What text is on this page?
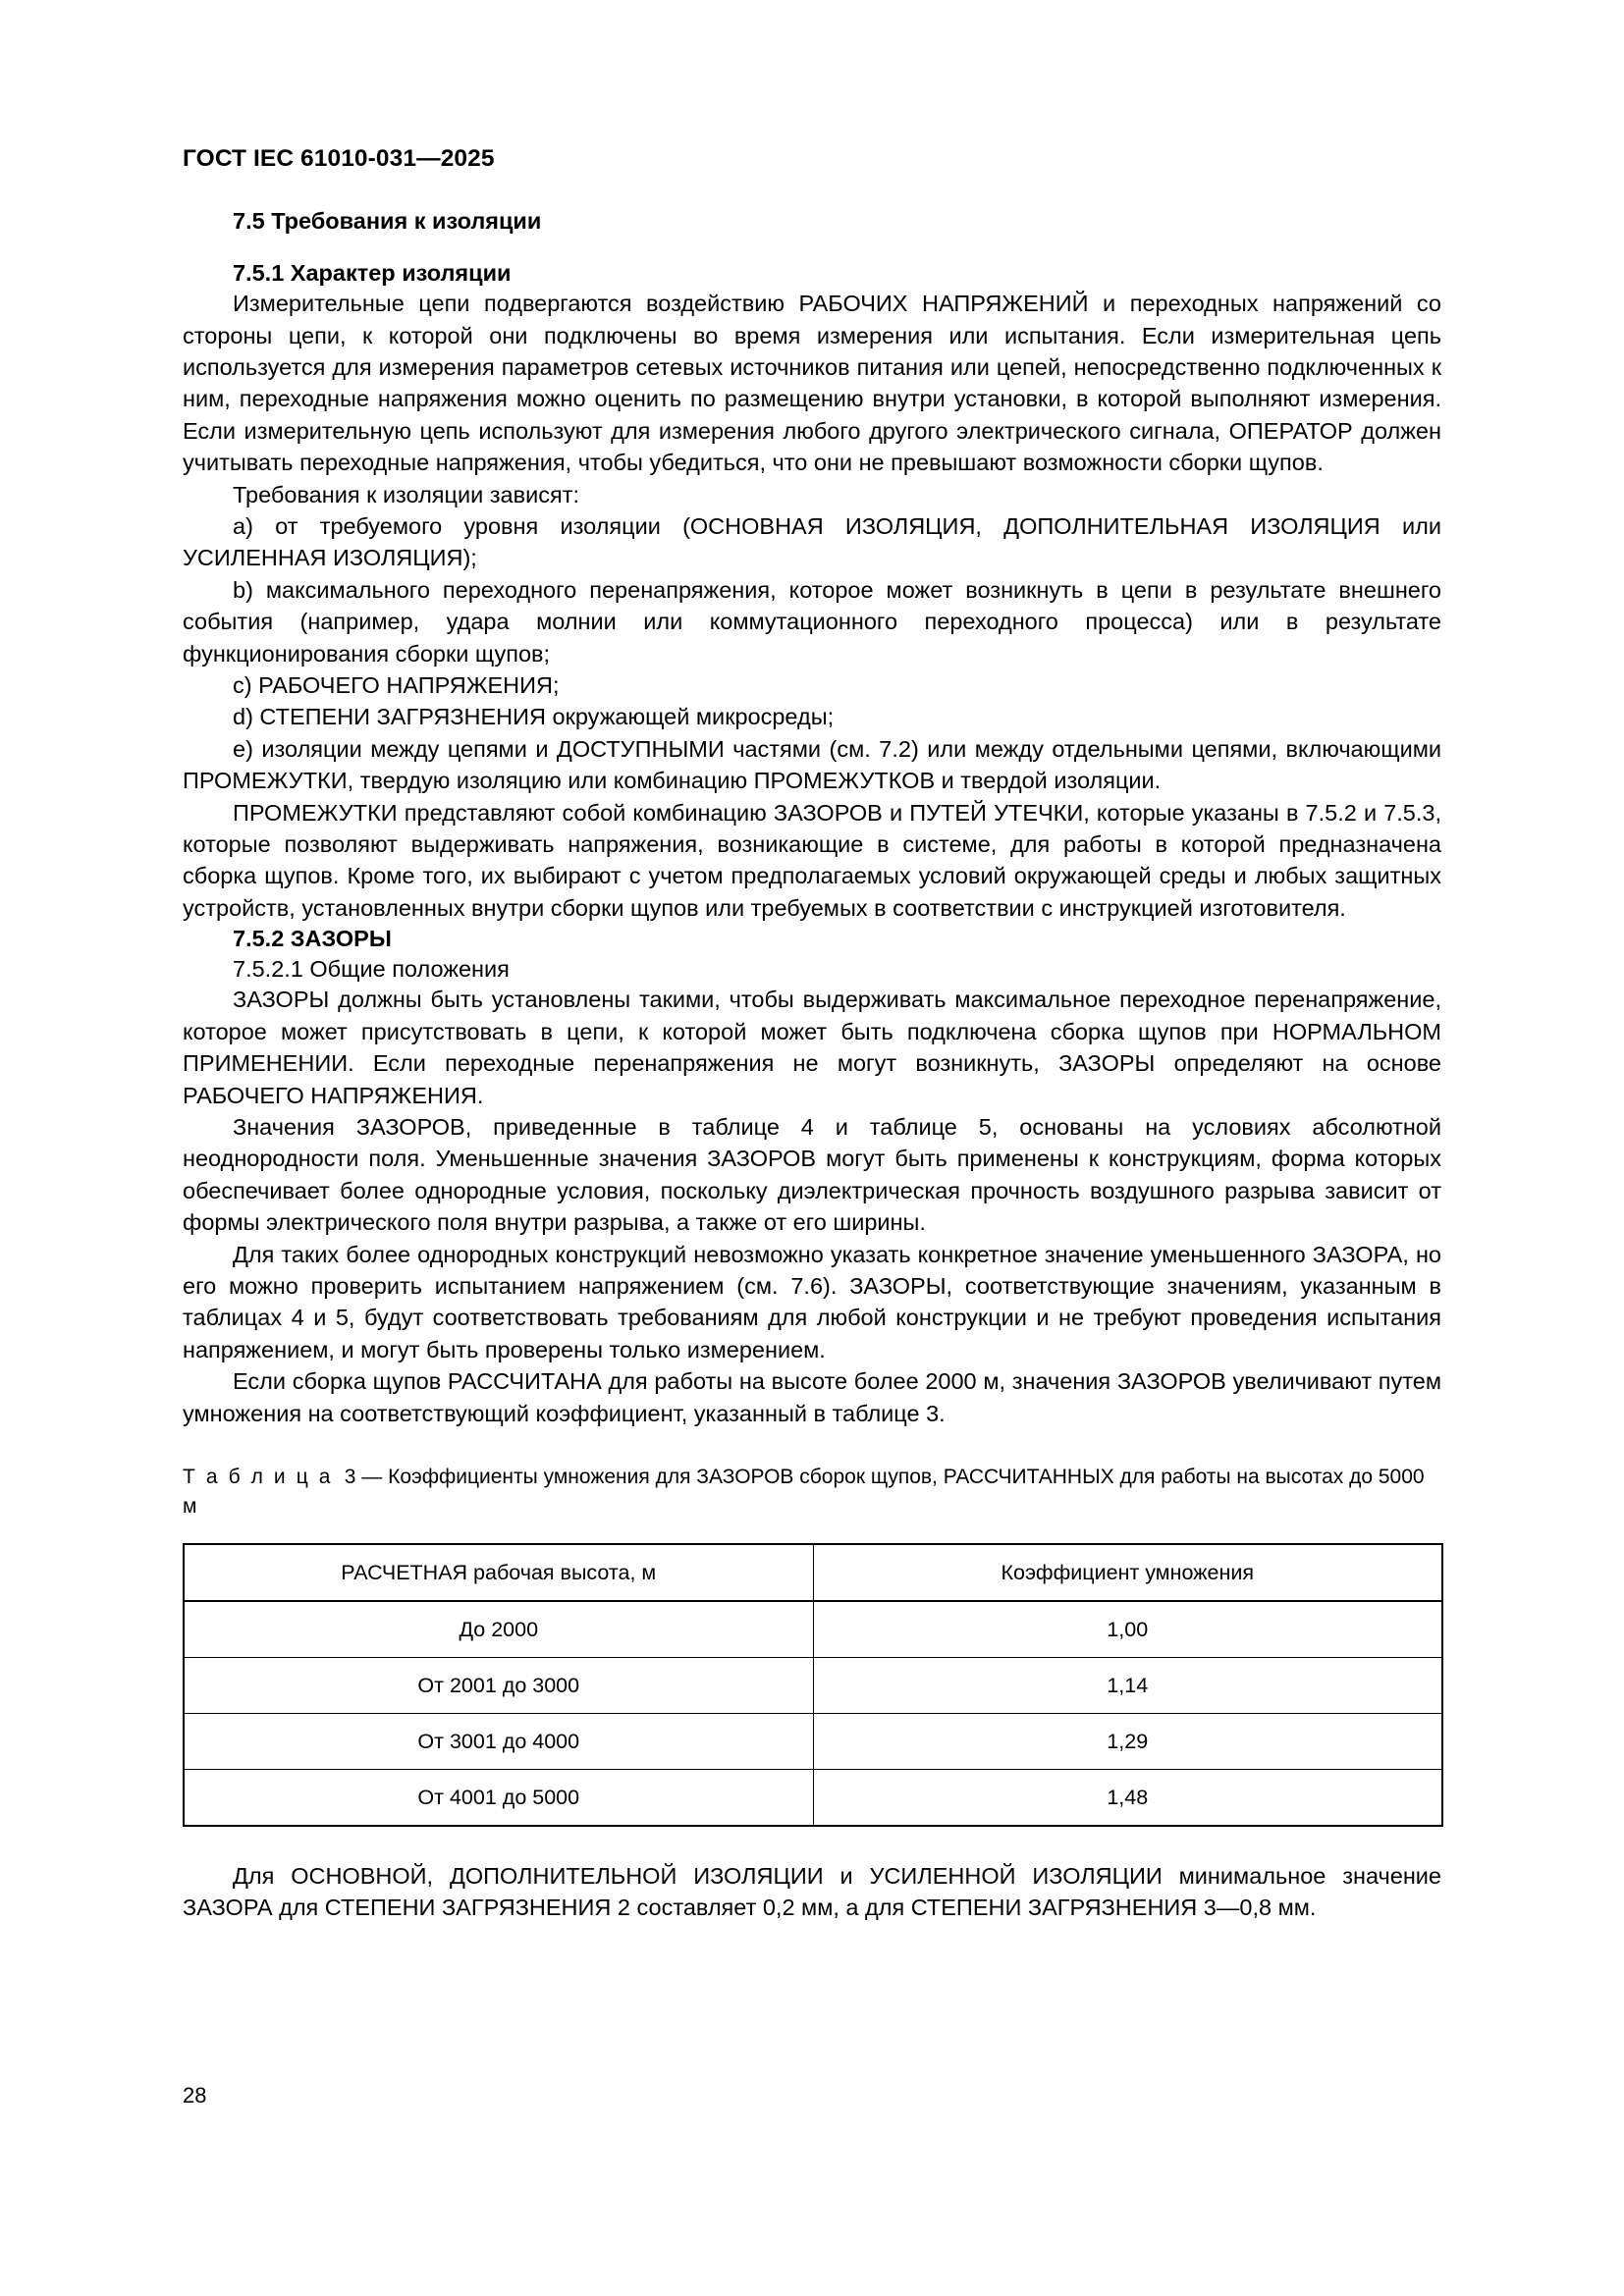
ГОСТ IEC 61010-031—2025
7.5 Требования к изоляции
7.5.1 Характер изоляции

Измерительные цепи подвергаются воздействию РАБОЧИХ НАПРЯЖЕНИЙ и переходных напряжений со стороны цепи, к которой они подключены во время измерения или испытания. Если измерительная цепь используется для измерения параметров сетевых источников питания или цепей, непосредственно подключенных к ним, переходные напряжения можно оценить по размещению внутри установки, в которой выполняют измерения. Если измерительную цепь используют для измерения любого другого электрического сигнала, ОПЕРАТОР должен учитывать переходные напряжения, чтобы убедиться, что они не превышают возможности сборки щупов.

Требования к изоляции зависят:

a) от требуемого уровня изоляции (ОСНОВНАЯ ИЗОЛЯЦИЯ, ДОПОЛНИТЕЛЬНАЯ ИЗОЛЯЦИЯ или УСИЛЕННАЯ ИЗОЛЯЦИЯ);

b) максимального переходного перенапряжения, которое может возникнуть в цепи в результате внешнего события (например, удара молнии или коммутационного переходного процесса) или в результате функционирования сборки щупов;

c) РАБОЧЕГО НАПРЯЖЕНИЯ;

d) СТЕПЕНИ ЗАГРЯЗНЕНИЯ окружающей микросреды;

e) изоляции между цепями и ДОСТУПНЫМИ частями (см. 7.2) или между отдельными цепями, включающими ПРОМЕЖУТКИ, твердую изоляцию или комбинацию ПРОМЕЖУТКОВ и твердой изоляции.

ПРОМЕЖУТКИ представляют собой комбинацию ЗАЗОРОВ и ПУТЕЙ УТЕЧКИ, которые указаны в 7.5.2 и 7.5.3, которые позволяют выдерживать напряжения, возникающие в системе, для работы в которой предназначена сборка щупов. Кроме того, их выбирают с учетом предполагаемых условий окружающей среды и любых защитных устройств, установленных внутри сборки щупов или требуемых в соответствии с инструкцией изготовителя.

7.5.2 ЗАЗОРЫ
7.5.2.1 Общие положения

ЗАЗОРЫ должны быть установлены такими, чтобы выдерживать максимальное переходное перенапряжение, которое может присутствовать в цепи, к которой может быть подключена сборка щупов при НОРМАЛЬНОМ ПРИМЕНЕНИИ. Если переходные перенапряжения не могут возникнуть, ЗАЗОРЫ определяют на основе РАБОЧЕГО НАПРЯЖЕНИЯ.

Значения ЗАЗОРОВ, приведенные в таблице 4 и таблице 5, основаны на условиях абсолютной неоднородности поля. Уменьшенные значения ЗАЗОРОВ могут быть применены к конструкциям, форма которых обеспечивает более однородные условия, поскольку диэлектрическая прочность воздушного разрыва зависит от формы электрического поля внутри разрыва, а также от его ширины.

Для таких более однородных конструкций невозможно указать конкретное значение уменьшенного ЗАЗОРА, но его можно проверить испытанием напряжением (см. 7.6). ЗАЗОРЫ, соответствующие значениям, указанным в таблицах 4 и 5, будут соответствовать требованиям для любой конструкции и не требуют проведения испытания напряжением, и могут быть проверены только измерением.

Если сборка щупов РАССЧИТАНА для работы на высоте более 2000 м, значения ЗАЗОРОВ увеличивают путем умножения на соответствующий коэффициент, указанный в таблице 3.

Т а б л и ц а 3 — Коэффициенты умножения для ЗАЗОРОВ сборок щупов, РАССЧИТАННЫХ для работы на высотах до 5000 м
РАСЧЕТНАЯ рабочая высота, м	Коэффициент умножения
До 2000	1,00
От 2001 до 3000	1,14
От 3001 до 4000	1,29
От 4001 до 5000	1,48

Для ОСНОВНОЙ, ДОПОЛНИТЕЛЬНОЙ ИЗОЛЯЦИИ и УСИЛЕННОЙ ИЗОЛЯЦИИ минимальное значение ЗАЗОРА для СТЕПЕНИ ЗАГРЯЗНЕНИЯ 2 составляет 0,2 мм, а для СТЕПЕНИ ЗАГРЯЗНЕНИЯ 3—0,8 мм.

28
